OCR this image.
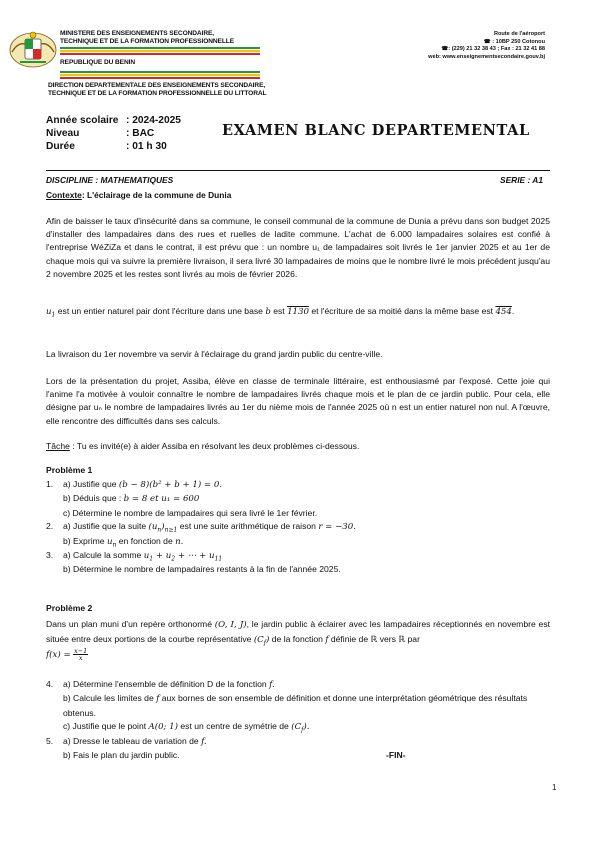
MINISTERE DES ENSEIGNEMENTS SECONDAIRE,
TECHNIQUE ET DE LA FORMATION PROFESSIONNELLE
REPUBLIQUE DU BENIN
DIRECTION DEPARTEMENTALE DES ENSEIGNEMENTS SECONDAIRE,
TECHNIQUE ET DE LA FORMATION PROFESSIONNELLE DU LITTORAL
Route de l'aéroport
☎ : 10BP 250 Cotonou
☎: (229) 21 32 38 43 ; Fax : 21 32 41 88
web: www.enseignementsecondaire.gouv.bj
Année scolaire : 2024-2025
Niveau	: BAC
Durée	: 01 h 30
EXAMEN BLANC DEPARTEMENTAL
DISCIPLINE : MATHEMATIQUES	SERIE : A1
Contexte: L'éclairage de la commune de Dunia
Afin de baisser le taux d'insécurité dans sa commune, le conseil communal de la commune de Dunia a prévu dans son budget 2025 d'installer des lampadaires dans des rues et ruelles de ladite commune. L'achat de 6.000 lampadaires solaires est confié à l'entreprise WéZiZa et dans le contrat, il est prévu que : un nombre u₁ de lampadaires soit livrés le 1er janvier 2025 et au 1er de chaque mois qui va suivre la première livraison, il sera livré 30 lampadaires de moins que le nombre livré le mois précédent jusqu'au 2 novembre 2025 et les restes sont livrés au mois de février 2026.
$u_1$ est un entier naturel pair dont l'écriture dans une base b est 1130 et l'écriture de sa moitié dans la même base est 454.
La livraison du 1er novembre va servir à l'éclairage du grand jardin public du centre-ville.
Lors de la présentation du projet, Assiba, élève en classe de terminale littéraire, est enthousiasmé par l'exposé. Cette joie qui l'anime l'a motivée à vouloir connaître le nombre de lampadaires livrés chaque mois et le plan de ce jardin public. Pour cela, elle désigne par uₙ le nombre de lampadaires livrés au 1er du nième mois de l'année 2025 où n est un entier naturel non nul. A l'œuvre, elle rencontre des difficultés dans ses calculs.
Tâche : Tu es invité(e) à aider Assiba en résolvant les deux problèmes ci-dessous.
Problème 1
1. a) Justifie que (b − 8)(b² + b + 1) = 0.
b) Déduis que : b = 8 et u₁ = 600
c) Détermine le nombre de lampadaires qui sera livré le 1er février.
2. a) Justifie que la suite $(u_n)_{n\ge 1}$ est une suite arithmétique de raison r = −30.
b) Exprime $u_n$ en fonction de n.
3. a) Calcule la somme $u_1 + u_2$ + ⋯ + $u_{11}$
b) Détermine le nombre de lampadaires restants à la fin de l'année 2025.
Problème 2
Dans un plan muni d'un repère orthonormé (O, I, J), le jardin public à éclairer avec les lampadaires réceptionnés en novembre est située entre deux portions de la courbe représentative $(C_f)$ de la fonction f définie de ℝ vers ℝ par
$f(x) = \frac{x-1}{x}$
4. a) Détermine l'ensemble de définition D de la fonction f.
b) Calcule les limites de f aux bornes de son ensemble de définition et donne une interprétation géométrique des résultats obtenus.
c) Justifie que le point A(0; 1) est un centre de symétrie de $(C_f)$.
5. a) Dresse le tableau de variation de f.
b) Fais le plan du jardin public.	-FIN-
1
